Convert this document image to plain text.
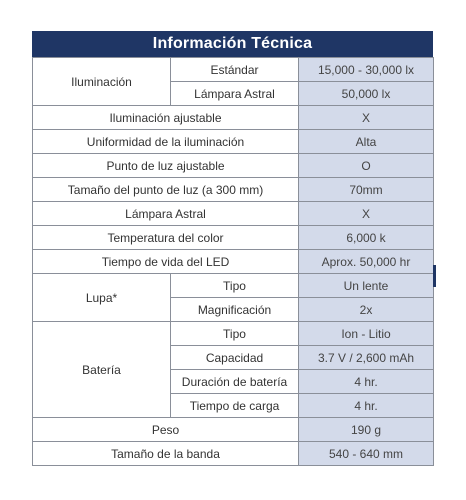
Información Técnica
Iluminación	Estándar	15,000 - 30,000 lx
	Lámpara Astral	50,000 lx
Iluminación ajustable		X
Uniformidad de la iluminación		Alta
Punto de luz ajustable		O
Tamaño del punto de luz (a 300 mm)		70mm
Lámpara Astral		X
Temperatura del color		6,000 k
Tiempo de vida del LED		Aprox. 50,000 hr
Lupa*	Tipo	Un lente
	Magnificación	2x
Batería	Tipo	Ion - Litio
	Capacidad	3.7 V / 2,600 mAh
	Duración de batería	4 hr.
	Tiempo de carga	4 hr.
Peso		190 g
Tamaño de la banda		540 - 640 mm
